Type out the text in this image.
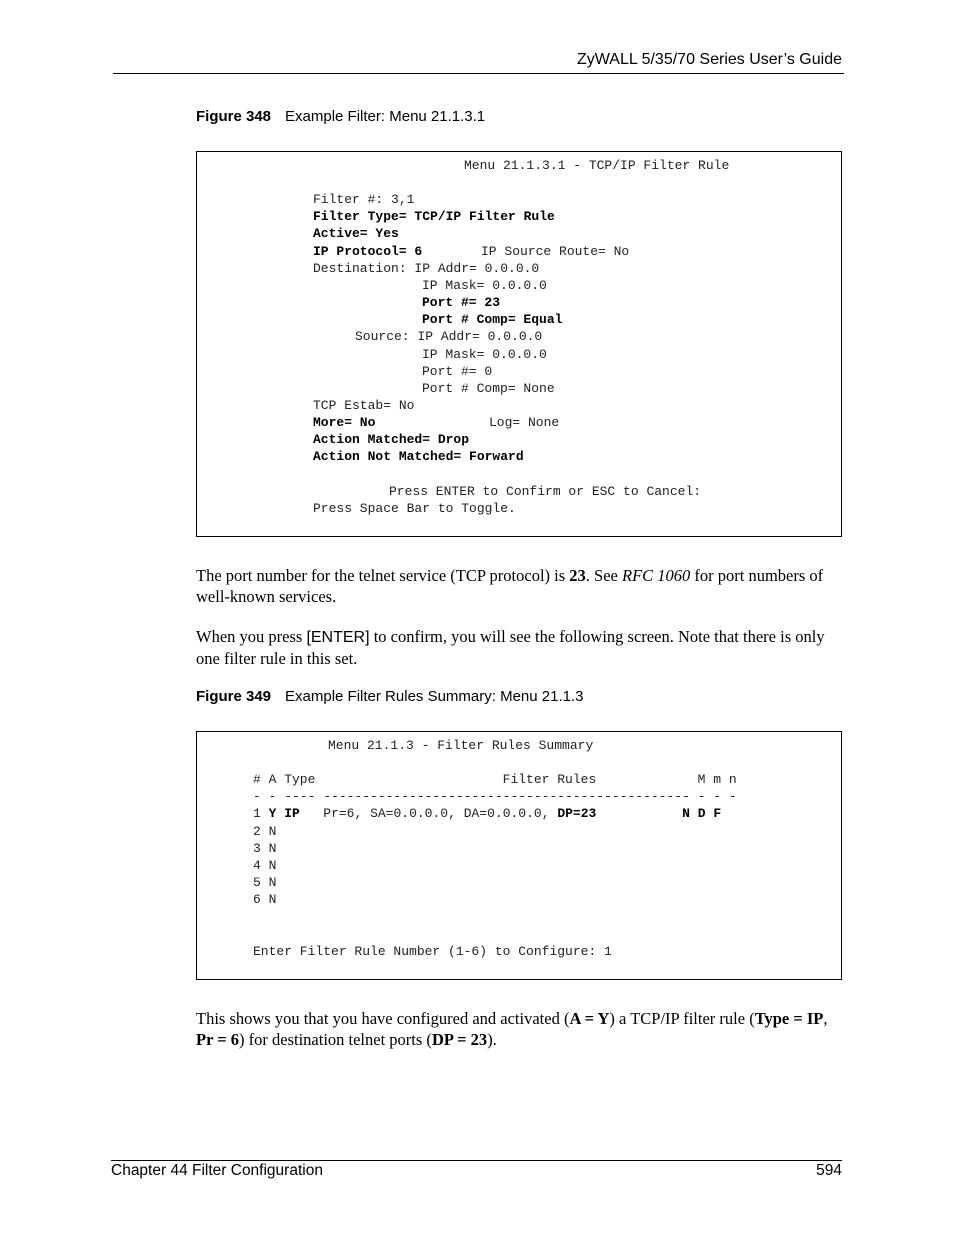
ZyWALL 5/35/70 Series User’s Guide
Figure 348 Example Filter: Menu 21.1.3.1
Menu 21.1.3.1 - TCP/IP Filter Rule
Filter #: 3,1
Filter Type= TCP/IP Filter Rule
Active= Yes
IP Protocol= 6	IP Source Route= No
Destination: IP Addr= 0.0.0.0
IP Mask= 0.0.0.0
Port #= 23
Port # Comp= Equal
Source: IP Addr= 0.0.0.0
IP Mask= 0.0.0.0
Port #= 0
Port # Comp= None
TCP Estab= No
More= No	Log= None
Action Matched= Drop
Action Not Matched= Forward
Press ENTER to Confirm or ESC to Cancel:
Press Space Bar to Toggle.
The port number for the telnet service (TCP protocol) is 23. See RFC 1060 for port numbers of well-known services.
When you press [ENTER] to confirm, you will see the following screen. Note that there is only one filter rule in this set.
Figure 349 Example Filter Rules Summary: Menu 21.1.3
Menu 21.1.3 - Filter Rules Summary
# A Type                        Filter Rules             M m n
- - ---- ----------------------------------------------- - - -
1 Y IP Pr=6, SA=0.0.0.0, DA=0.0.0.0, DP=23	N D F
2 N
3 N
4 N
5 N
6 N
Enter Filter Rule Number (1-6) to Configure: 1
This shows you that you have configured and activated (A = Y) a TCP/IP filter rule (Type = IP, Pr = 6) for destination telnet ports (DP = 23).
Chapter 44 Filter Configuration	594
